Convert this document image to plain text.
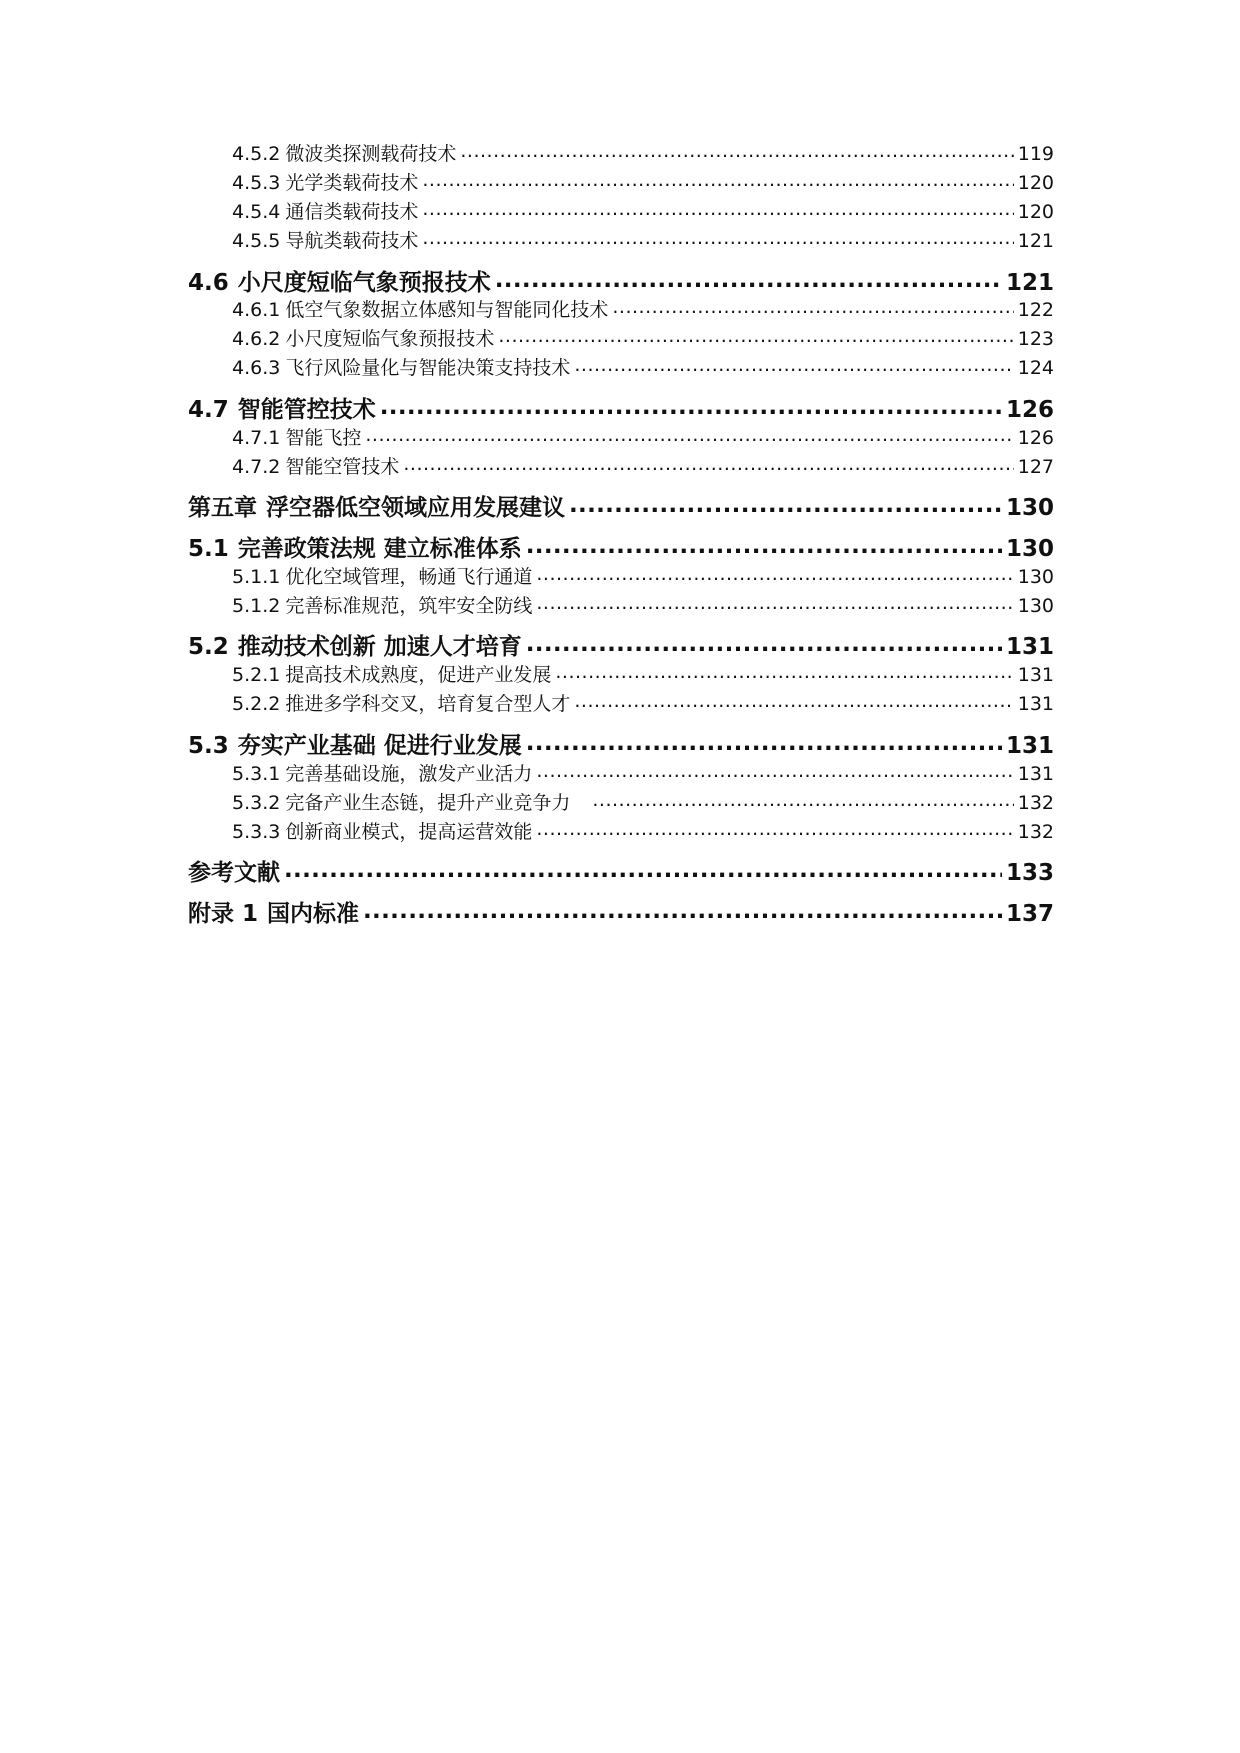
4.5.2 微波类探测载荷技术 .....	119
4.5.3 光学类载荷技术 .....	120
4.5.4 通信类载荷技术 .....	120
4.5.5 导航类载荷技术 .....	121
4.6 小尺度短临气象预报技术 .....	121
4.6.1 低空气象数据立体感知与智能同化技术 .....	122
4.6.2 小尺度短临气象预报技术 .....	123
4.6.3 飞行风险量化与智能决策支持技术 .....	124
4.7 智能管控技术 .....	126
4.7.1 智能飞控 .....	126
4.7.2 智能空管技术 .....	127
第五章 浮空器低空领域应用发展建议 .....	130
5.1 完善政策法规 建立标准体系 .....	130
5.1.1 优化空域管理，畅通飞行通道 .....	130
5.1.2 完善标准规范，筑牢安全防线 .....	130
5.2 推动技术创新 加速人才培育 .....	131
5.2.1 提高技术成熟度，促进产业发展 .....	131
5.2.2 推进多学科交叉，培育复合型人才 .....	131
5.3 夯实产业基础 促进行业发展 .....	131
5.3.1 完善基础设施，激发产业活力 .....	131
5.3.2 完备产业生态链，提升产业竞争力 .....	132
5.3.3 创新商业模式，提高运营效能 .....	132
参考文献 .....	133
附录 1 国内标准 .....	137
